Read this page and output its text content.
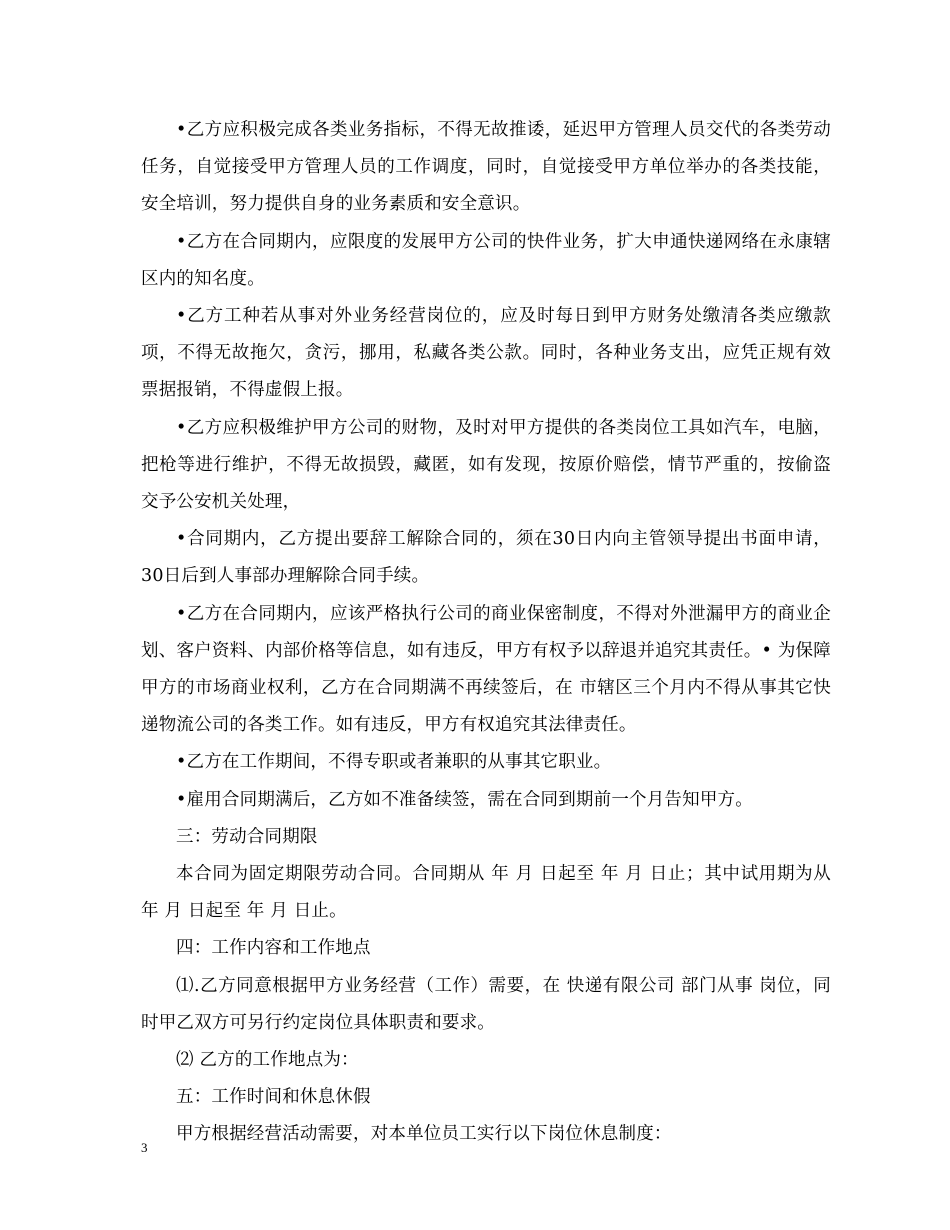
•乙方应积极完成各类业务指标，不得无故推诿，延迟甲方管理人员交代的各类劳动任务，自觉接受甲方管理人员的工作调度，同时，自觉接受甲方单位举办的各类技能，安全培训，努力提供自身的业务素质和安全意识。

•乙方在合同期内，应限度的发展甲方公司的快件业务，扩大申通快递网络在永康辖区内的知名度。

•乙方工种若从事对外业务经营岗位的，应及时每日到甲方财务处缴清各类应缴款项，不得无故拖欠，贪污，挪用，私藏各类公款。同时，各种业务支出，应凭正规有效票据报销，不得虚假上报。

•乙方应积极维护甲方公司的财物，及时对甲方提供的各类岗位工具如汽车，电脑，把枪等进行维护，不得无故损毁，藏匿，如有发现，按原价赔偿，情节严重的，按偷盗交予公安机关处理，

•合同期内，乙方提出要辞工解除合同的，须在30日内向主管领导提出书面申请，30日后到人事部办理解除合同手续。

•乙方在合同期内，应该严格执行公司的商业保密制度，不得对外泄漏甲方的商业企划、客户资料、内部价格等信息，如有违反，甲方有权予以辞退并追究其责任。• 为保障甲方的市场商业权利，乙方在合同期满不再续签后，在 市辖区三个月内不得从事其它快递物流公司的各类工作。如有违反，甲方有权追究其法律责任。

•乙方在工作期间，不得专职或者兼职的从事其它职业。

•雇用合同期满后，乙方如不准备续签，需在合同到期前一个月告知甲方。

三：劳动合同期限

本合同为固定期限劳动合同。合同期从 年 月 日起至 年 月 日止；其中试用期为从 年 月 日起至 年 月 日止。

四：工作内容和工作地点

⑴.乙方同意根据甲方业务经营（工作）需要，在 快递有限公司 部门从事 岗位，同时甲乙双方可另行约定岗位具体职责和要求。

⑵ 乙方的工作地点为：

五：工作时间和休息休假

甲方根据经营活动需要，对本单位员工实行以下岗位休息制度：

3
